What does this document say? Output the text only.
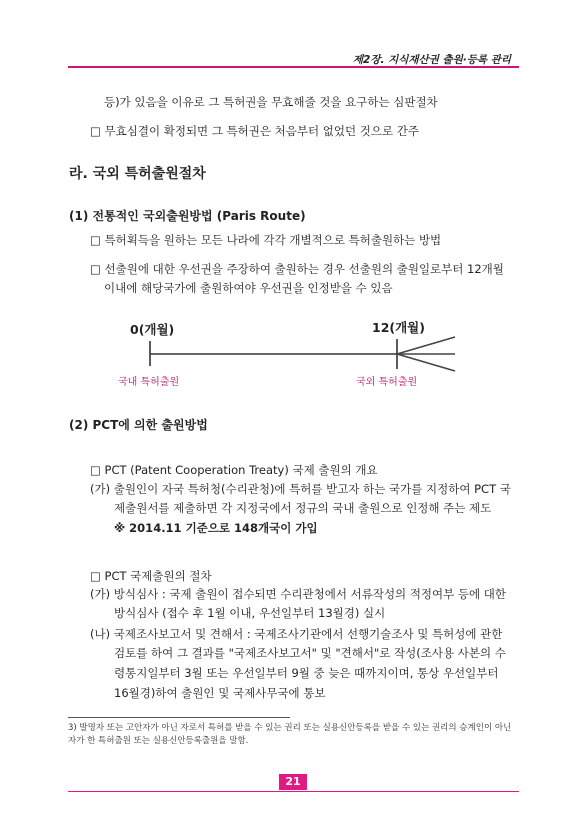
제2장. 지식재산권 출원·등록 관리
등)가 있음을 이유로 그 특허권을 무효해줄 것을 요구하는 심판절차
□ 무효심결이 확정되면 그 특허권은 처음부터 없었던 것으로 간주
라. 국외 특허출원절차
(1) 전통적인 국외출원방법 (Paris Route)
□ 특허획득을 원하는 모든 나라에 각각 개별적으로 특허출원하는 방법
□ 선출원에 대한 우선권을 주장하여 출원하는 경우 선출원의 출원일로부터 12개월
이내에 해당국가에 출원하여야 우선권을 인정받을 수 있음
0(개월)	12(개월)
국내 특허출원	국외 특허출원
(2) PCT에 의한 출원방법
□ PCT (Patent Cooperation Treaty) 국제 출원의 개요
(가) 출원인이 자국 특허청(수리관청)에 특허를 받고자 하는 국가를 지정하여 PCT 국
제출원서를 제출하면 각 지정국에서 정규의 국내 출원으로 인정해 주는 제도
※ 2014.11 기준으로 148개국이 가입
□ PCT 국제출원의 절차
(가) 방식심사 : 국제 출원이 접수되면 수리관청에서 서류작성의 적정여부 등에 대한
방식심사 (접수 후 1월 이내, 우선일부터 13월경) 실시
(나) 국제조사보고서 및 견해서 : 국제조사기관에서 선행기술조사 및 특허성에 관한
검토를 하여 그 결과를 "국제조사보고서" 및 "견해서"로 작성(조사용 사본의 수
령통지일부터 3월 또는 우선일부터 9월 중 늦은 때까지이며, 통상 우선일부터
16월경)하여 출원인 및 국제사무국에 통보
3) 발명자 또는 고안자가 아닌 자로서 특허를 받을 수 있는 권리 또는 실용신안등록을 받을 수 있는 권리의 승계인이 아닌 자가 한 특허출원 또는 실용신안등록출원을 말함.
21
